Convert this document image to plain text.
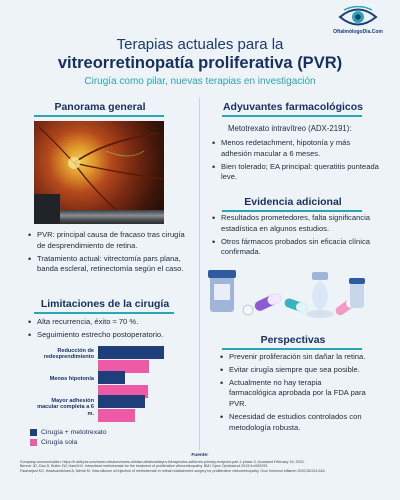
OftalmólogoDia.Com
Terapias actuales para la
vitreorretinopatía proliferativa (PVR)
Cirugía como pilar, nuevas terapias en investigación
Panorama general
• PVR: principal causa de fracaso tras cirugía de desprendimiento de retina.
• Tratamiento actual: vitrectomía pars plana, banda escleral, retinectomía según el caso.
Limitaciones de la cirugía
• Alta recurrencia, éxito ≈ 70 %.
• Seguimiento estrecho postoperatorio.
Reducción de redesprendimiento
Menos hipotonía
Mayor adhesión macular completa a 6 m.
Cirugía + metotrexato
Cirugía sola
Adyuvantes farmacológicos
Metotrexato intravítreo (ADX-2191):
• Menos redetachment, hipotonía y más adhesión macular a 6 meses.
• Bien tolerado; EA principal: queratitis punteada leve.
Evidencia adicional
• Resultados prometedores, falta significancia estadística en algunos estudios.
• Otros fármacos probados sin eficacia clínica confirmada.
Perspectivas
• Prevenir proliferación sin dañar la retina.
• Evitar cirugía siempre que sea posible.
• Actualmente no hay terapia farmacológica aprobada por la FDA para PVR.
• Necesidad de estudios controlados con metodología robusta.
Fuente:

Company communication: https://ir.aldeyra.com/news-releases/news-release-details/aldeyra-therapeutics-achieves-primary-endpoint-part-1-phase-3. Accessed February 15, 2023.

Benner JD, Dao D, Butler JW, Hamill KI. Intravitreal methotrexate for the treatment of proliferative vitreoretinopathy. BMJ Open Ophthalmol 2019;4:e000293.

Falavarjani KG, Hadavandkhani A, Mehdi M. Intra-silicone oil injection of methotrexate in retinal reattachment surgery for proliferative vitreoretinopathy. Ocul Immunol Inflamm 2020;28:513-516.
